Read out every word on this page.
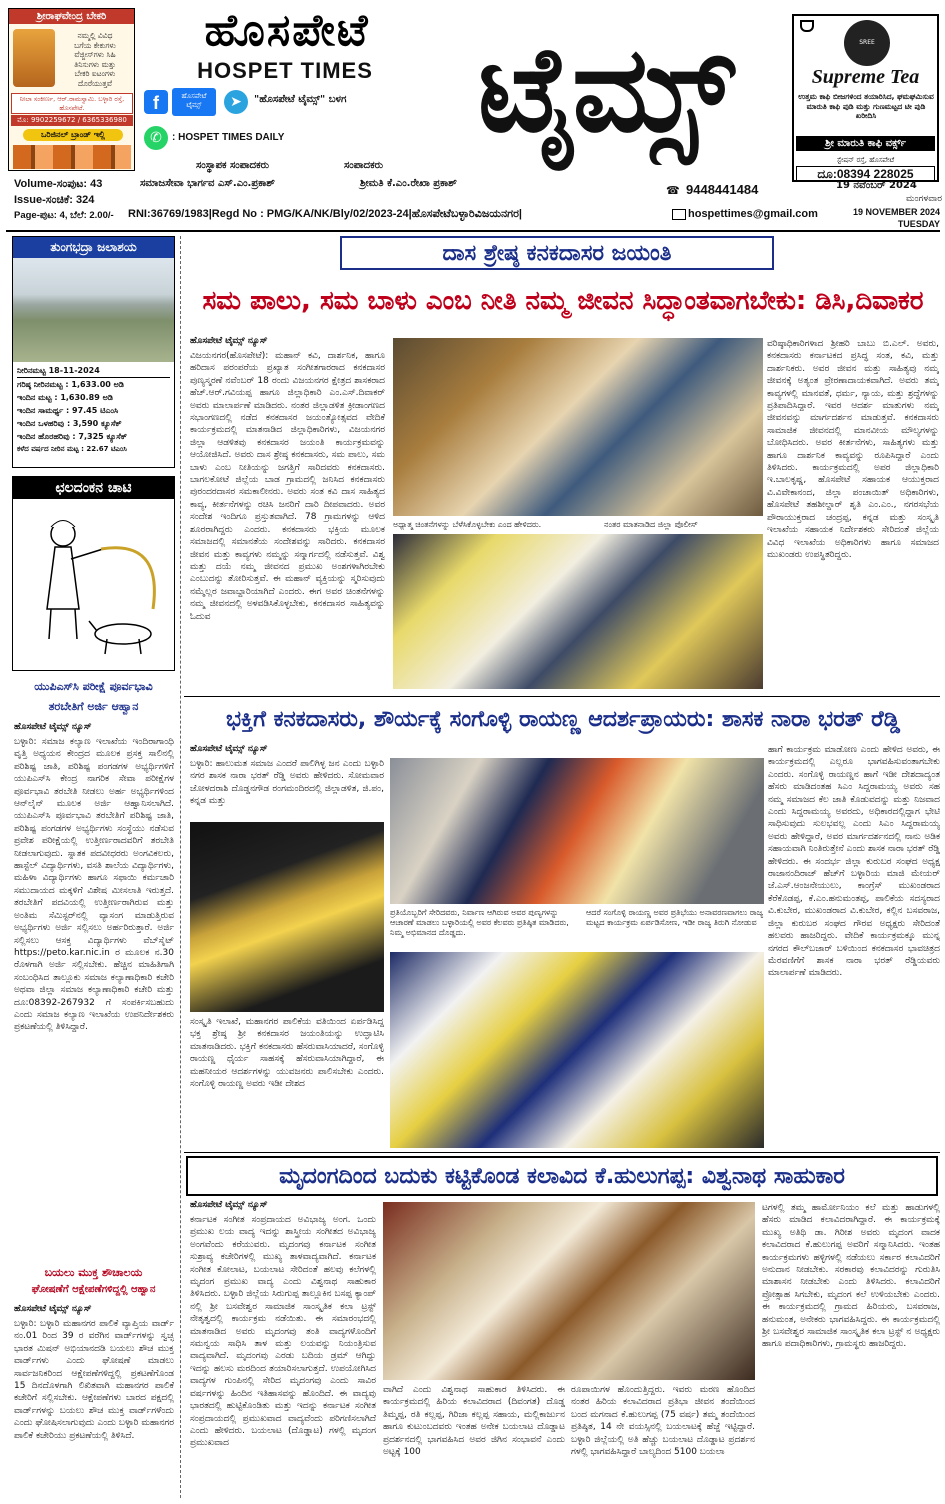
ಶ್ರೀರಾಘವೇಂದ್ರ ಬೇಕರಿ
ನಮ್ಮಲ್ಲಿ ವಿವಿಧ
ಬಗೆಯ ಕೇಕುಗಳು
ವೆಜ್ಜೀಸ್‌ಗಳು ಸಿಹಿ
ತಿನಿಸುಗಳು ಮತ್ತು
ಬೇಕರಿ ಐಟಂಗಳು
ದೊರೆಯುತ್ತವೆ
ನೀಲಾ ಸಂಕೀರ್ಣ, ಆರ್.ರಾಮಸ್ವಾಮಿ. ಬಳ್ಳಾರಿ ರಸ್ತೆ, ಹೊಸಪೇಟೆ.
ಮೊ: 9902259672 / 6365336980
ಒರಿಜಿನಲ್ ಬ್ರಾಂಡ್ ಇಲ್ಲಿ
ಹೊಸಪೇಟೆ
HOSPET TIMES ಟೈಮ್ಸ್
f	ಹೊಸಪೇಟೆ ಟೈಮ್ಸ್	➤	"ಹೊಸಪೇಟೆ ಟೈಮ್ಸ್" ಬಳಗ
✆	: HOSPET TIMES DAILY
ಸಂಸ್ಥಾಪಕ ಸಂಪಾದಕರು	ಸಂಪಾದಕರು
ಸಮಾಜಸೇವಾ ಭಾರ್ಗವ ಎಸ್.ಎಂ.ಪ್ರಕಾಶ್	ಶ್ರೀಮತಿ ಕೆ.ಎಂ.ರೇಖಾ ಪ್ರಕಾಶ್
☎ 9448441484
SREE
Supreme Tea
ಉತ್ತಮ ಕಾಫಿ ಬೀಜಗಳಿಂದ ತಯಾರಿಸಿದ, ಘಮಘಮಿಸುವ ಮಾರುತಿ ಕಾಫಿ ಪುಡಿ ಮತ್ತು ಗುಣಮಟ್ಟದ ಟೀ ಪುಡಿ ಖರೀದಿಸಿ
ಶ್ರೀ ಮಾರುತಿ ಕಾಫಿ ವರ್ಕ್ಸ್
ಸ್ಟೇಷನ್ ರಸ್ತೆ, ಹೊಸಪೇಟೆ
ದೂ:08394 228025
Volume-ಸಂಪುಟ: 43
Issue-ಸಂಚಿಕೆ: 324
Page-ಪುಟ: 4, ಬೆಲೆ: 2.00/-	RNI:36769/1983|Regd No : PMG/KA/NK/Bly/02/2023-24|ಹೊಸಪೇಟೆಬಳ್ಳಾರಿವಿಜಯನಗರ|	hospettimes@gmail.com
19 ನವೆಂಬರ್ 2024
ಮಂಗಳವಾರ
19 NOVEMBER 2024
TUESDAY
ತುಂಗಭದ್ರಾ ಜಲಾಶಯ
ನೀರಿನಮಟ್ಟ 18-11-2024
ಗರಿಷ್ಠ ನೀರಿನಮಟ್ಟ : 1,633.00 ಅಡಿ
ಇಂದಿನ ಮಟ್ಟ : 1,630.89 ಅಡಿ
ಇಂದಿನ ಸಾಮರ್ಥ್ಯ : 97.45 ಟಿಎಂಸಿ
ಇಂದಿನ ಒಳಹರಿವು : 3,590 ಕ್ಯೂಸೆಕ್
ಇಂದಿನ ಹೊರಹರಿವು : 7,325 ಕ್ಯೂಸೆಕ್
ಕಳೆದ ವರ್ಷದ ನೀರಿನ ಮಟ್ಟ : 22.67 ಟಿಎಂಸಿ
ಛಲದಂಕನ ಚಾಟಿ
ಯುಪಿಎಸ್‌ಸಿ ಪರೀಕ್ಷೆ ಪೂರ್ವಭಾವಿ
ತರಬೇತಿಗೆ ಅರ್ಜಿ ಆಹ್ವಾನ
ಹೊಸಪೇಟೆ ಟೈಮ್ಸ್ ನ್ಯೂಸ್
ಬಳ್ಳಾರಿ: ಸಮಾಜ ಕಲ್ಯಾಣ ಇಲಾಖೆಯ ಇಂದಿರಾಗಾಂಧಿ ವೃತ್ತಿ ಅಧ್ಯಯನ ಕೇಂದ್ರದ ಮೂಲಕ ಪ್ರಸಕ್ತ ಸಾಲಿನಲ್ಲಿ ಪರಿಶಿಷ್ಟ ಜಾತಿ, ಪರಿಶಿಷ್ಟ ಪಂಗಡಗಳ ಅಭ್ಯರ್ಥಿಗಳಿಗೆ ಯುಪಿಎಸ್‌ಸಿ ಕೇಂದ್ರ ನಾಗರಿಕ ಸೇವಾ ಪರೀಕ್ಷೆಗಳ ಪೂರ್ವಭಾವಿ ತರಬೇತಿ ನೀಡಲು ಅರ್ಹ ಅಭ್ಯರ್ಥಿಗಳಿಂದ ಆನ್‌ಲೈನ್ ಮೂಲಕ ಅರ್ಜಿ ಆಹ್ವಾನಿಸಲಾಗಿದೆ. ಯುಪಿಎಸ್‌ಸಿ ಪೂರ್ವಭಾವಿ ತರಬೇತಿಗೆ ಪರಿಶಿಷ್ಟ ಜಾತಿ, ಪರಿಶಿಷ್ಟ ಪಂಗಡಗಳ ಅಭ್ಯರ್ಥಿಗಳು ಸಂಸ್ಥೆಯು ನಡೆಸುವ ಪ್ರವೇಶ ಪರೀಕ್ಷೆಯಲ್ಲಿ ಉತ್ತೀರ್ಣರಾದವರಿಗೆ ತರಬೇತಿ ನೀಡಲಾಗುವುದು. ಸ್ನಾತಕ ಪದವೀಧರರು ಅಂಗವಿಕಲರು, ಹಾಸ್ಟೆಲ್ ವಿದ್ಯಾರ್ಥಿಗಳು, ವಸತಿ ಶಾಲೆಯ ವಿದ್ಯಾರ್ಥಿಗಳು, ಮಹಿಳಾ ವಿದ್ಯಾರ್ಥಿಗಳು ಹಾಗೂ ಸಫಾಯಿ ಕರ್ಮಚಾರಿ ಸಮುದಾಯದ ಮಕ್ಕಳಿಗೆ ವಿಶೇಷ ಮೀಸಲಾತಿ ಇರುತ್ತದೆ. ತರಬೇತಿಗೆ ಪದವಿಯಲ್ಲಿ ಉತ್ತೀರ್ಣರಾಗಿರುವ ಮತ್ತು ಅಂತಿಮ ಸೆಮಿಸ್ಟರ್‌ನಲ್ಲಿ ವ್ಯಾಸಂಗ ಮಾಡುತ್ತಿರುವ ಅಭ್ಯರ್ಥಿಗಳು ಅರ್ಜಿ ಸಲ್ಲಿಸಲು ಅರ್ಹರಿರುತ್ತಾರೆ. ಅರ್ಜಿ ಸಲ್ಲಿಸಲು ಆಸಕ್ತ ವಿದ್ಯಾರ್ಥಿಗಳು ವೆಬ್‌ಸೈಟ್ https://peto.kar.nic.in ರ ಮೂಲಕ ನ.30 ರೊಳಗಾಗಿ ಅರ್ಜಿ ಸಲ್ಲಿಸಬೇಕು. ಹೆಚ್ಚಿನ ಮಾಹಿತಿಗಾಗಿ ಸಂಬಂಧಿಸಿದ ತಾಲ್ಲೂಕು ಸಮಾಜ ಕಲ್ಯಾಣಾಧಿಕಾರಿ ಕಚೇರಿ ಅಥವಾ ಜಿಲ್ಲಾ ಸಮಾಜ ಕಲ್ಯಾಣಾಧಿಕಾರಿ ಕಚೇರಿ ಮತ್ತು ದೂ:08392-267932 ಗೆ ಸಂಪರ್ಕಿಸಬಹುದು ಎಂದು ಸಮಾಜ ಕಲ್ಯಾಣ ಇಲಾಖೆಯ ಉಪನಿರ್ದೇಶಕರು ಪ್ರಕಟಣೆಯಲ್ಲಿ ತಿಳಿಸಿದ್ದಾರೆ.
ಬಯಲು ಮುಕ್ತ ಶೌಚಾಲಯ
ಘೋಷಣೆಗೆ ಆಕ್ಷೇಪಣೆಗಳಿದ್ದಲ್ಲಿ ಆಹ್ವಾನ
ಹೊಸಪೇಟೆ ಟೈಮ್ಸ್ ನ್ಯೂಸ್
ಬಳ್ಳಾರಿ: ಬಳ್ಳಾರಿ ಮಹಾನಗರ ಪಾಲಿಕೆ ವ್ಯಾಪ್ತಿಯ ವಾರ್ಡ್ ನಂ.01 ರಿಂದ 39 ರ ವರೆಗಿನ ವಾರ್ಡ್‌ಗಳನ್ನು ಸ್ವಚ್ಛ ಭಾರತ ಮಿಷನ್ ಅಭಿಯಾನದಡಿ ಬಯಲು ಶೌಚ ಮುಕ್ತ ವಾರ್ಡ್‌ಗಳು ಎಂದು ಘೋಷಣೆ ಮಾಡಲು ಸಾರ್ವಜನಿಕರಿಂದ ಆಕ್ಷೇಪಣೆಗಳಿದ್ದಲ್ಲಿ ಪ್ರಕಟಣೆಗೊಂಡ 15 ದಿನದೊಳಗಾಗಿ ಲಿಖಿತವಾಗಿ ಮಹಾನಗರ ಪಾಲಿಕೆ ಕಚೇರಿಗೆ ಸಲ್ಲಿಸಬೇಕು. ಆಕ್ಷೇಪಣೆಗಳು ಬಾರದ ಪಕ್ಷದಲ್ಲಿ ವಾರ್ಡ್‌ಗಳನ್ನು ಬಯಲು ಶೌಚ ಮುಕ್ತ ವಾರ್ಡ್‌ಗಳೆಂದು ಎಂದು ಘೋಷಿಸಲಾಗುವುದು ಎಂದು ಬಳ್ಳಾರಿ ಮಹಾನಗರ ಪಾಲಿಕೆ ಕಚೇರಿಯು ಪ್ರಕಟಣೆಯಲ್ಲಿ ತಿಳಿಸಿದೆ.
ದಾಸ ಶ್ರೇಷ್ಠ ಕನಕದಾಸರ ಜಯಂತಿ
ಸಮ ಪಾಲು, ಸಮ ಬಾಳು ಎಂಬ ನೀತಿ ನಮ್ಮ ಜೀವನ ಸಿದ್ಧಾಂತವಾಗಬೇಕು: ಡಿಸಿ,ದಿವಾಕರ
ಹೊಸಪೇಟೆ ಟೈಮ್ಸ್ ನ್ಯೂಸ್
ವಿಜಯನಗರ(ಹೊಸಪೇಟೆ): ಮಹಾನ್ ಕವಿ, ದಾರ್ಶನಿಕ, ಹಾಗೂ ಹರಿದಾಸ ಪರಂಪರೆಯ ಪ್ರಖ್ಯಾತ ಸಂಗೀತಗಾರರಾದ ಕನಕದಾಸರ ಪುಣ್ಯಸ್ಮರಣೆ ನವೆಂಬರ್ 18 ರಂದು ವಿಜಯನಗರ ಕ್ಷೇತ್ರದ ಶಾಸಕರಾದ ಹೆಚ್.ಆರ್.ಗವಿಯಪ್ಪ ಹಾಗೂ ಜಿಲ್ಲಾಧಿಕಾರಿ ಎಂ.ಎಸ್.ದಿವಾಕರ್ ಅವರು ಮಾಲಾರ್ಪಣೆ ಮಾಡಿದರು. ನಂತರ ಜಿಲ್ಲಾಡಳಿತ ಕ್ರೀಡಾಂಗಣದ ಸಭಾಂಗಣದಲ್ಲಿ ನಡೆದ ಕನಕದಾಸರ ಜಯಂತ್ಯೋತ್ಸವದ ವೇದಿಕೆ ಕಾರ್ಯಕ್ರಮದಲ್ಲಿ ಮಾತನಾಡಿದ ಜಿಲ್ಲಾಧಿಕಾರಿಗಳು, ವಿಜಯನಗರ ಜಿಲ್ಲಾ ಆಡಳಿತವು ಕನಕದಾಸರ ಜಯಂತಿ ಕಾರ್ಯಕ್ರಮವನ್ನು ಆಯೋಜಿಸಿದೆ. ಅವರು ದಾಸ ಶ್ರೇಷ್ಠ ಕನಕದಾಸರು, ಸಮ ಪಾಲು, ಸಮ ಬಾಳು ಎಂಬ ನೀತಿಯನ್ನು ಜಗತ್ತಿಗೆ ಸಾರಿದವರು ಕನಕದಾಸರು. ಬಾಗಲಕೋಟೆ ಜಿಲ್ಲೆಯ ಬಾಡ ಗ್ರಾಮದಲ್ಲಿ ಜನಿಸಿದ ಕನಕದಾಸರು ಪುರಂದರದಾಸರ ಸಮಕಾಲೀನರು. ಅವರು ಸಂತ ಕವಿ ದಾಸ ಸಾಹಿತ್ಯದ ಕಾವ್ಯ, ಕೀರ್ತನೆಗಳನ್ನು ರಚಿಸಿ ಜನರಿಗೆ ದಾರಿ ದೀಪವಾದರು. ಅವರ ಸಂದೇಶ ಇಂದಿಗೂ ಪ್ರಸ್ತುತವಾಗಿದೆ. 78 ಗ್ರಾಮಗಳನ್ನು ಆಳಿದ ಶೂರರಾಗಿದ್ದರು ಎಂದರು. ಕನಕದಾಸರು ಭಕ್ತಿಯ ಮೂಲಕ ಸಮಾಜದಲ್ಲಿ ಸಮಾನತೆಯ ಸಂದೇಶವನ್ನು ಸಾರಿದರು. ಕನಕದಾಸರ ಜೀವನ ಮತ್ತು ಕಾವ್ಯಗಳು ನಮ್ಮನ್ನು ಸನ್ಮಾರ್ಗದಲ್ಲಿ ನಡೆಸುತ್ತವೆ. ವಿಶ್ವ ಮತ್ತು ದಯೆ ನಮ್ಮ ಜೀವನದ ಪ್ರಮುಖ ಅಂಶಗಳಾಗಿರಬೇಕು ಎಂಬುದನ್ನು ತೋರಿಸುತ್ತವೆ. ಈ ಮಹಾನ್ ವ್ಯಕ್ತಿಯನ್ನು ಸ್ಮರಿಸುವುದು ನಮ್ಮೆಲ್ಲರ ಜವಾಬ್ದಾರಿಯಾಗಿದೆ ಎಂದರು. ಈಗ ಅವರ ಚಿಂತನೆಗಳನ್ನು ನಮ್ಮ ಜೀವನದಲ್ಲಿ ಅಳವಡಿಸಿಕೊಳ್ಳಬೇಕು, ಕನಕದಾಸರ ಸಾಹಿತ್ಯವನ್ನು ಓದುವ
ಅಧ್ಯಾತ್ಮ ಚಿಂತನೆಗಳನ್ನು ಬೆಳೆಸಿಕೊಳ್ಳಬೇಕು ಎಂದ ಹೇಳಿದರು.	ನಂತರ ಮಾತನಾಡಿದ ಜಿಲ್ಲಾ ಪೊಲೀಸ್
ವರಿಷ್ಠಾಧಿಕಾರಿಗಳಾದ ಶ್ರೀಹರಿ ಬಾಬು ಬಿ.ಎಲ್. ಅವರು, ಕನಕದಾಸರು ಕರ್ನಾಟಕದ ಪ್ರಸಿದ್ಧ ಸಂತ, ಕವಿ, ಮತ್ತು ದಾರ್ಶನಿಕರು. ಅವರ ಜೀವನ ಮತ್ತು ಸಾಹಿತ್ಯವು ನಮ್ಮ ಜೀವನಕ್ಕೆ ಅತ್ಯಂತ ಪ್ರೇರಣಾದಾಯಕವಾಗಿದೆ. ಅವರು ತಮ್ಮ ಕಾವ್ಯಗಳಲ್ಲಿ ಮಾನವತೆ, ಧರ್ಮ, ನ್ಯಾಯ, ಮತ್ತು ಶ್ರದ್ಧೆಗಳನ್ನು ಪ್ರತಿಪಾದಿಸಿದ್ದಾರೆ. ಇವರ ಆದರ್ಶ ಮಾತುಗಳು ನಮ್ಮ ಜೀವನವನ್ನು ಮಾರ್ಗದರ್ಶನ ಮಾಡುತ್ತವೆ. ಕನಕದಾಸರು ಸಾಮಾಜಿಕ ಜೀವನದಲ್ಲಿ ಮಾನವೀಯ ಮೌಲ್ಯಗಳನ್ನು ಬೋಧಿಸಿದರು. ಅವರ ಕೀರ್ತನೆಗಳು, ಸಾಹಿತ್ಯಗಳು ಮತ್ತು ಹಾಗೂ ದಾರ್ಶನಿಕ ಕಾವ್ಯವನ್ನು ರೂಪಿಸಿದ್ದಾರೆ ಎಂದು ತಿಳಿಸಿದರು. ಕಾರ್ಯಕ್ರಮದಲ್ಲಿ ಅಪರ ಜಿಲ್ಲಾಧಿಕಾರಿ ಇ.ಬಾಲಕೃಷ್ಣ, ಹೊಸಪೇಟೆ ಸಹಾಯಕ ಆಯುಕ್ತರಾದ ವಿ.ವಿವೇಕಾನಂದ, ಜಿಲ್ಲಾ ಪಂಚಾಯಿತ್ ಅಧಿಕಾರಿಗಳು, ಹೊಸಪೇಟೆ ತಹಶೀಲ್ದಾರ್ ಶೃತಿ ಎಂ.ಎಂ., ನಗರಸಭೆಯ ಪೌರಾಯುಕ್ತರಾದ ಚಂದ್ರಪ್ಪ, ಕನ್ನಡ ಮತ್ತು ಸಂಸ್ಕೃತಿ ಇಲಾಖೆಯ ಸಹಾಯಕ ನಿರ್ದೇಶಕರು ಸೇರಿದಂತೆ ಜಿಲ್ಲೆಯ ವಿವಿಧ ಇಲಾಖೆಯ ಅಧಿಕಾರಿಗಳು ಹಾಗೂ ಸಮಾಜದ ಮುಖಂಡರು ಉಪಸ್ಥಿತರಿದ್ದರು.
ಭಕ್ತಿಗೆ ಕನಕದಾಸರು, ಶೌರ್ಯಕ್ಕೆ ಸಂಗೊಳ್ಳಿ ರಾಯಣ್ಣ ಆದರ್ಶಪ್ರಾಯರು: ಶಾಸಕ ನಾರಾ ಭರತ್ ರೆಡ್ಡಿ
ಹೊಸಪೇಟೆ ಟೈಮ್ಸ್ ನ್ಯೂಸ್
ಬಳ್ಳಾರಿ: ಹಾಲುಮತ ಸಮಾಜ ಎಂದರೆ ಪಾಲಿಗಿಳ್ಳ ಜನ ಎಂದು ಬಳ್ಳಾರಿ ನಗರ ಶಾಸಕ ನಾರಾ ಭರತ್ ರೆಡ್ಡಿ ಅವರು ಹೇಳಿದರು. ಸೋಮವಾರ ಜೋಳದರಾಶಿ ದೊಡ್ಡನಗೌಡ ರಂಗಮಂದಿರದಲ್ಲಿ ಜಿಲ್ಲಾಡಳಿತ, ಜಿ.ಪಂ, ಕನ್ನಡ ಮತ್ತು
ಸಂಸ್ಕೃತಿ ಇಲಾಖೆ, ಮಹಾನಗರ ಪಾಲಿಕೆಯ ವತಿಯಿಂದ ಏರ್ಪಡಿಸಿದ್ದ ಭಕ್ತ ಶ್ರೇಷ್ಠ ಶ್ರೀ ಕನಕದಾಸರ ಜಯಂತಿಯನ್ನು ಉದ್ಘಾಟಿಸಿ ಮಾತನಾಡಿದರು. ಭಕ್ತಿಗೆ ಕನಕದಾಸರು ಹೆಸರುವಾಸಿಯಾದರೆ, ಸಂಗೊಳ್ಳಿ ರಾಯಣ್ಣ ಧೈರ್ಯ ಸಾಹಸಕ್ಕೆ ಹೆಸರುವಾಸಿಯಾಗಿದ್ದಾರೆ, ಈ ಮಹನೀಯರ ಆದರ್ಶಗಳನ್ನು ಯುವಜನರು ಪಾಲಿಸಬೇಕು ಎಂದರು. ಸಂಗೊಳ್ಳಿ ರಾಯಣ್ಣ ಅವರು ಇಡೀ ದೇಶದ
ಪ್ರತಿಯೊಬ್ಬರಿಗೆ ಸೇರಿದವರು, ನಿರ್ವಾಣ ಆಗಿರುವ ಅವರ ಪುಣ್ಯಗಳನ್ನು ಆಚಾರಣೆ ಮಾಡಲು ಬಳ್ಳಾರಿಯಲ್ಲಿ ಅವರ ಕೆಲವರು ಪ್ರತಿಷ್ಠಿತ ಮಾಡಿದರು, ನಿಮ್ಮ ಅಭಿಮಾನದ ದೊಡ್ಡದು.
ಆದರೆ ಸಂಗೊಳ್ಳಿ ರಾಯಣ್ಣ ಅವರ ಪ್ರತಿಭೆಯು ಅನಾವರಣವಾಗಲು ರಾಜ್ಯ ಮಟ್ಟದ ಕಾರ್ಯಕ್ರಮ ಏರ್ಪಡಿಸೋಣ, ಇಡೀ ರಾಜ್ಯ ತಿರುಗಿ ನೋಡುವ
ಹಾಗೆ ಕಾರ್ಯಕ್ರಮ ಮಾಡೋಣ ಎಂದು ಹೇಳಿದ ಅವರು, ಈ ಕಾರ್ಯಕ್ರಮದಲ್ಲಿ ಎಲ್ಲರೂ ಭಾಗವಹಿಸುವಂತಾಗಬೇಕು ಎಂದರು. ಸಂಗೊಳ್ಳಿ ರಾಯಣ್ಣನ ಹಾಗೆ ಇಡೀ ದೇಶದಾದ್ಯಂತ ಹೆಸರು ಮಾಡಿದಂತಹ ಸಿಎಂ ಸಿದ್ದರಾಮಯ್ಯ ಅವರು ಸಹ ನಮ್ಮ ಸಮಾಜದ ಕೆಲ ಜಾತಿ ಕೊಡುವದನ್ನು ಮತ್ತು ನಿಜವಾದ ಎಂದು ಸಿದ್ದರಾಮಯ್ಯ ಅವರದು, ಅಧಿಕಾರದಲ್ಲಿದ್ದಾಗ ಭೇಟಿ ಸಾಧಿಸುವುದು ಸುಲಭವಲ್ಲ ಎಂದು ಸಿಎಂ ಸಿದ್ದರಾಮಯ್ಯ ಅವರು ಹೇಳಿದ್ದಾರೆ, ಅವರ ಮಾರ್ಗದರ್ಶನದಲ್ಲಿ ನಾನು ಅಡಿಕ ಸಹಾಯವಾಗಿ ನಿಂತಿರುತ್ತೇನೆ ಎಂದು ಶಾಸಕ ನಾರಾ ಭರತ್ ರೆಡ್ಡಿ ಹೇಳಿದರು. ಈ ಸಂದರ್ಭ ಜಿಲ್ಲಾ ಕುರುಬರ ಸಂಘದ ಅಧ್ಯಕ್ಷ ರಾಜಾನಂದಿರಾಜ್ ಹೆಚ್‌ಗೆ ಬಳ್ಳಾರಿಯ ಮಾಜಿ ಮೇಯರ್ ಜೆ.ಎಸ್.ಆಂಜನೇಯುಲು, ಕಾಂಗ್ರೆಸ್ ಮುಖಂಡರಾದ ಕೆರೆಕೊಡಪ್ಪ, ಕೆ.ಎಂ.ಹನುಮಂತಪ್ಪ, ಪಾಲಿಕೆಯ ಸದಸ್ಯರಾದ ವಿ.ಕುಬೇರ, ಮುಖಂಡರಾದ ವಿ.ಕುಬೇರ, ಕಲ್ಲಿನ ಬಸವರಾಜ, ಜಿಲ್ಲಾ ಕುರುಬರ ಸಂಘದ ಗೌರವ ಅಧ್ಯಕ್ಷರು ಸೇರಿದಂತೆ ಹಲವರು ಹಾಜರಿದ್ದರು. ವೇದಿಕೆ ಕಾರ್ಯಕ್ರಮಕ್ಕೂ ಮುನ್ನ ನಗರದ ಕೌಲ್‌ಬಜಾರ್ ಬಳಿಯಿಂದ ಕನಕದಾಸರ ಭಾವಚಿತ್ರದ ಮೆರವಣಿಗೆಗೆ ಶಾಸಕ ನಾರಾ ಭರತ್ ರೆಡ್ಡಿಯವರು ಮಾಲಾರ್ಪಣೆ ಮಾಡಿದರು.
ಮೃದಂಗದಿಂದ ಬದುಕು ಕಟ್ಟಿಕೊಂಡ ಕಲಾವಿದ ಕೆ.ಹುಲುಗಪ್ಪ: ವಿಶ್ವನಾಥ ಸಾಹುಕಾರ
ಹೊಸಪೇಟೆ ಟೈಮ್ಸ್ ನ್ಯೂಸ್
ಕರ್ನಾಟಕ ಸಂಗೀತ ಸಂಪ್ರದಾಯದ ಅವಿಭಾಜ್ಯ ಅಂಗ. ಒಂದು ಪ್ರಮುಖ ಲಯ ವಾದ್ಯ ಇದನ್ನು ಶಾಸ್ತ್ರೀಯ ಸಂಗೀತದ ಅವಿಭಾಜ್ಯ ಅಂಗವೆಂದು ಕರೆಯುವರು. ಮೃದಂಗವು ಕರ್ನಾಟಕ ಸಂಗೀತ ಸುಶ್ರಾವ್ಯ ಕಚೇರಿಗಳಲ್ಲಿ ಮುಖ್ಯ ತಾಳವಾದ್ಯವಾಗಿದೆ. ಕರ್ನಾಟಕ ಸಂಗೀತ ಕೋಲಾಟ, ಬಯಲಾಟ ಸೇರಿದಂತೆ ಹಲವು ಕಲೆಗಳಲ್ಲಿ ಮೃದಂಗ ಪ್ರಮುಖ ವಾದ್ಯ ಎಂದು ವಿಶ್ವನಾಥ ಸಾಹುಕಾರ ತಿಳಿಸಿದರು. ಬಳ್ಳಾರಿ ಜಿಲ್ಲೆಯ ಸಿರುಗುಪ್ಪ ತಾಲ್ಲೂಕಿನ ಬಸಪ್ಪ ಕ್ಯಾಂಪ್ ನಲ್ಲಿ ಶ್ರೀ ಬಸವೇಶ್ವರ ಸಾಮಾಜಿಕ ಸಾಂಸ್ಕೃತಿಕ ಕಲಾ ಟ್ರಸ್ಟ್ ನೇತೃತ್ವದಲ್ಲಿ ಕಾರ್ಯಕ್ರಮ ನಡೆಯಿತು. ಈ ಸಮಾರಂಭದಲ್ಲಿ ಮಾತನಾಡಿದ ಅವರು ಮೃದಂಗವು ತಂತಿ ವಾದ್ಯಗಳೊಂದಿಗೆ ಸಮನ್ವಯ ಸಾಧಿಸಿ ತಾಳ ಮತ್ತು ಲಯವನ್ನು ನಿಯಂತ್ರಿಸುವ ವಾದ್ಯವಾಗಿದೆ. ಮೃದಂಗವು ಎರಡು ಬದಿಯ ಡ್ರಮ್ ಆಗಿದ್ದು ಇದನ್ನು ಹಲಸು ಮರದಿಂದ ತಯಾರಿಸಲಾಗುತ್ತದೆ. ಉಪಯೋಗಿಸಿದ ವಾದ್ಯಗಳ ಗುಂಪಿನಲ್ಲಿ ಸೇರಿದ ಮೃದಂಗವು ಎಂದು ಸಾವಿರ ವರ್ಷಗಳನ್ನು ಹಿಂದಿನ ಇತಿಹಾಸವನ್ನು ಹೊಂದಿದೆ. ಈ ವಾದ್ಯವು ಭಾರತದಲ್ಲಿ ಹುಟ್ಟಿಕೊಂಡಿತು ಮತ್ತು ಇದನ್ನು ಕರ್ನಾಟಕ ಸಂಗೀತ ಸಂಪ್ರದಾಯದಲ್ಲಿ ಪ್ರಮುಖವಾದ ವಾದ್ಯವೆಂದು ಪರಿಗಣಿಸಲಾಗಿದೆ ಎಂದು ಹೇಳಿದರು. ಬಯಲಾಟ (ದೊಡ್ಡಾಟ) ಗಳಲ್ಲಿ ಮೃದಂಗ ಪ್ರಮುಖವಾದ
ವಾಗಿದೆ ಎಂದು ವಿಶ್ವನಾಥ ಸಾಹುಕಾರ ತಿಳಿಸಿದರು. ಈ ಕಾರ್ಯಕ್ರಮದಲ್ಲಿ ಹಿರಿಯ ಕಲಾವಿದರಾದ (ದಿವಂಗತ) ದೊಡ್ಡ ತಿಮ್ಮಪ್ಪ, ರತಿ ಕಲ್ಲಪ್ಪ, ಗಿರಿಜಾ ಕಲ್ಲಪ್ಪ ಸಹಾಯ, ಮಲ್ಲಿಕಾರ್ಜುನ ಹಾಗೂ ಕುಟುಂಬದವರು ಇಂತಹ ಅನೇಕ ಬಯಲಾಟ ದೊಡ್ಡಾಟ ಪ್ರದರ್ಶನದಲ್ಲಿ ಭಾಗವಹಿಸಿದ ಅವರ ಜಿಗಿನ ಸಂಭಾವನೆ ಎಂದು ಅಟ್ಟಕ್ಕೆ 100
ರೂಪಾಯಿಗಳ ಹೊಂದುತ್ತಿದ್ದರು. ಇವರು ಮರಣ ಹೊಂದಿದ ನಂತರ ಹಿರಿಯ ಕಲಾವಿದರಾದ ಪ್ರತಿಭಾ ಜೀವನ ತಂದೆಯಿಂದ ಬಂದ ಮಗನಾದ ಕೆ.ಹುಲುಗಪ್ಪ (75 ವರ್ಷ) ತಮ್ಮ ತಂದೆಯಿಂದ ಪ್ರತಿಷ್ಠಿತ, 14 ನೇ ವಯಸ್ಸಿನಲ್ಲಿ ಬಯಲಾಟಕ್ಕೆ ಹೆಜ್ಜೆ ಇಟ್ಟಿದ್ದಾರೆ. ಬಳ್ಳಾರಿ ಜಿಲ್ಲೆಯಲ್ಲಿ ಅತಿ ಹೆಚ್ಚು ಬಯಲಾಟ ದೊಡ್ಡಾಟ ಪ್ರದರ್ಶನ ಗಳಲ್ಲಿ ಭಾಗವಹಿಸಿದ್ದಾರೆ ಬಾಲ್ಯದಿಂದ 5100 ಬಯಲಾ
ಟಗಳಲ್ಲಿ ತಮ್ಮ ಹಾರ್ಮೋನಿಯಂ ಕಲೆ ಮತ್ತು ಹಾಡುಗಳಲ್ಲಿ ಹೆಸರು ಮಾಡಿದ ಕಲಾವಿದರಾಗಿದ್ದಾರೆ. ಈ ಕಾರ್ಯಕ್ರಮಕ್ಕೆ ಮುಖ್ಯ ಅತಿಥಿ ಡಾ. ಗಿರೀಶ ಅವರು ಮೃದಂಗ ವಾದಕ ಕಲಾವಿದರಾದ ಕೆ.ಹುಲುಗಪ್ಪ ಅವರಿಗೆ ಸನ್ಮಾನಿಸಿದರು. ಇಂತಹ ಕಾರ್ಯಕ್ರಮಗಳು ಹಳ್ಳಿಗಳಲ್ಲಿ ನಡೆಯಲು ಸರ್ಕಾರ ಕಲಾವಿದರಿಗೆ ಅನುದಾನ ನೀಡಬೇಕು. ಸರಕಾರವು ಕಲಾವಿದರನ್ನು ಗುರುತಿಸಿ ಮಾಶಾಸನ ನೀಡಬೇಕು ಎಂದು ತಿಳಿಸಿದರು. ಕಲಾವಿದರಿಗೆ ಪ್ರೋತ್ಸಾಹ ಸಿಗಬೇಕು, ಮೃದಂಗ ಕಲೆ ಉಳಿಯಬೇಕು ಎಂದರು. ಈ ಕಾರ್ಯಕ್ರಮದಲ್ಲಿ ಗ್ರಾಮದ ಹಿರಿಯರು, ಬಸವರಾಜ, ಹನುಮಂತ, ಅನೇಕರು ಭಾಗವಹಿಸಿದ್ದರು. ಈ ಕಾರ್ಯಕ್ರಮದಲ್ಲಿ ಶ್ರೀ ಬಸವೇಶ್ವರ ಸಾಮಾಜಿಕ ಸಾಂಸ್ಕೃತಿಕ ಕಲಾ ಟ್ರಸ್ಟ್ ನ ಅಧ್ಯಕ್ಷರು ಹಾಗೂ ಪದಾಧಿಕಾರಿಗಳು, ಗ್ರಾಮಸ್ಥರು ಹಾಜರಿದ್ದರು.
